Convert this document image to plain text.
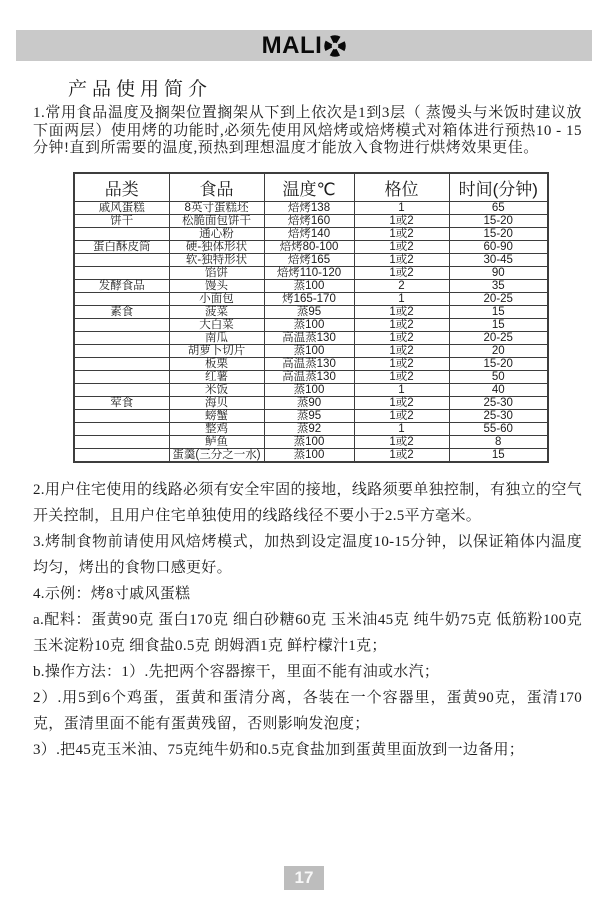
MALI
产品使用简介

1.常用食品温度及搁架位置搁架从下到上依次是1到3层（ 蒸馒头与米饭时建议放下面两层）使用烤的功能时,必须先使用风焙烤或焙烤模式对箱体进行预热10 - 15分钟!直到所需要的温度,预热到理想温度才能放入食物进行烘烤效果更佳。

品类	食品	温度℃	格位	时间(分钟)
戚风蛋糕	8英寸蛋糕坯	焙烤138	1	65
饼干	松脆面包饼干	焙烤160	1或2	15-20
	通心粉	焙烤140	1或2	15-20
蛋白酥皮筒	硬-独体形状	焙烤80-100	1或2	60-90
	软-独特形状	焙烤165	1或2	30-45
	馅饼	焙烤110-120	1或2	90
发酵食品	馒头	蒸100	2	35
	小面包	烤165-170	1	20-25
素食	菠菜	蒸95	1或2	15
	大白菜	蒸100	1或2	15
	南瓜	高温蒸130	1或2	20-25
	胡萝卜切片	蒸100	1或2	20
	板栗	高温蒸130	1或2	15-20
	红薯	高温蒸130	1或2	50
	米饭	蒸100	1	40
荤食	海贝	蒸90	1或2	25-30
	螃蟹	蒸95	1或2	25-30
	整鸡	蒸92	1	55-60
	鲈鱼	蒸100	1或2	8
	蛋羹(三分之一水)	蒸100	1或2	15

2.用户住宅使用的线路必须有安全牢固的接地，线路须要单独控制，有独立的空气开关控制，且用户住宅单独使用的线路线径不要小于2.5平方毫米。

3.烤制食物前请使用风焙烤模式，加热到设定温度10-15分钟，以保证箱体内温度均匀，烤出的食物口感更好。

4.示例：烤8寸戚风蛋糕

a.配料：蛋黄90克 蛋白170克 细白砂糖60克 玉米油45克 纯牛奶75克 低筋粉100克 玉米淀粉10克 细食盐0.5克 朗姆酒1克 鲜柠檬汁1克；

b.操作方法：1）.先把两个容器擦干，里面不能有油或水汽；

2）.用5到6个鸡蛋，蛋黄和蛋清分离，各装在一个容器里，蛋黄90克，蛋清170克，蛋清里面不能有蛋黄残留，否则影响发泡度；

3）.把45克玉米油、75克纯牛奶和0.5克食盐加到蛋黄里面放到一边备用；

17
